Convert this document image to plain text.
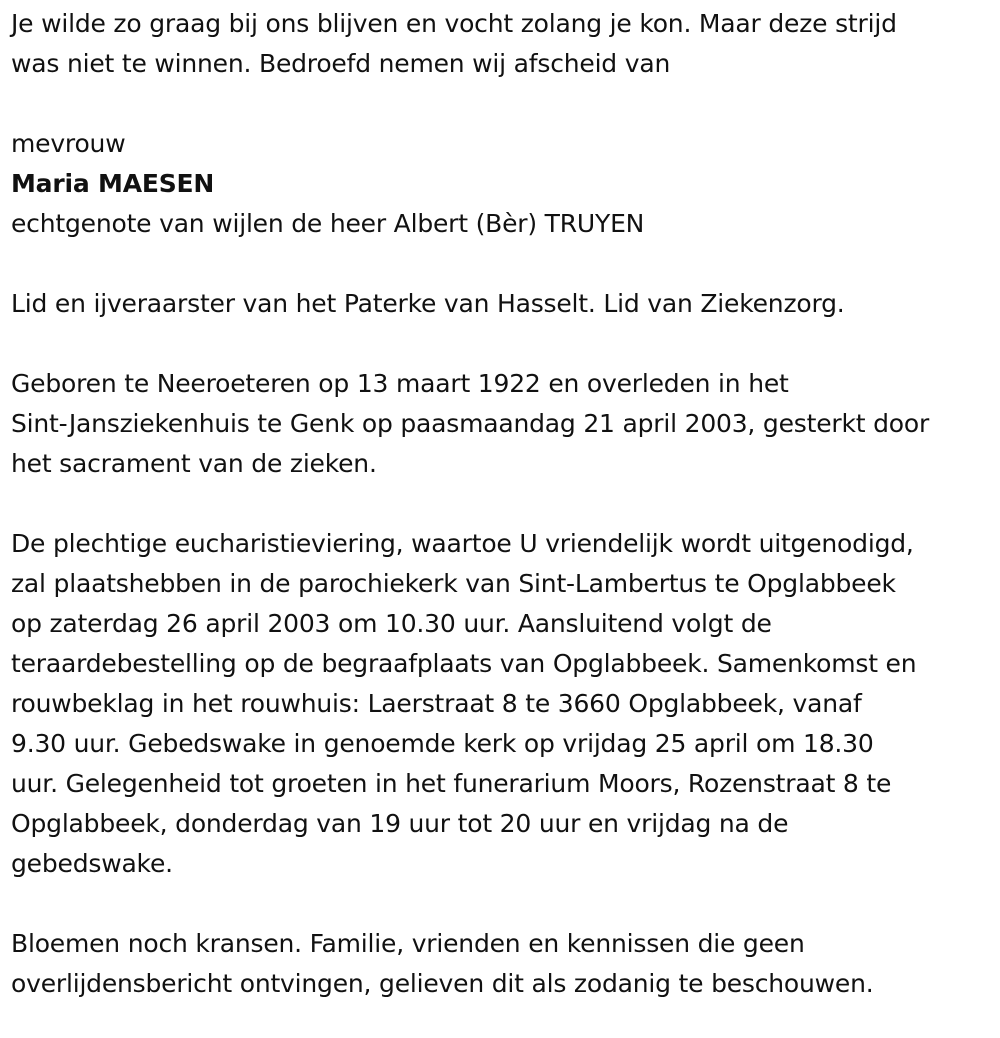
Je wilde zo graag bij ons blijven en vocht zolang je kon. Maar deze strijd
was niet te winnen. Bedroefd nemen wij afscheid van

mevrouw

Maria MAESEN

echtgenote van wijlen de heer Albert (Bèr) TRUYEN

Lid en ijveraarster van het Paterke van Hasselt. Lid van Ziekenzorg.

Geboren te Neeroeteren op 13 maart 1922 en overleden in het
Sint-Jansziekenhuis te Genk op paasmaandag 21 april 2003, gesterkt door
het sacrament van de zieken.

De plechtige eucharistieviering, waartoe U vriendelijk wordt uitgenodigd,
zal plaatshebben in de parochiekerk van Sint-Lambertus te Opglabbeek
op zaterdag 26 april 2003 om 10.30 uur. Aansluitend volgt de
teraardebestelling op de begraafplaats van Opglabbeek. Samenkomst en
rouwbeklag in het rouwhuis: Laerstraat 8 te 3660 Opglabbeek, vanaf
9.30 uur. Gebedswake in genoemde kerk op vrijdag 25 april om 18.30
uur. Gelegenheid tot groeten in het funerarium Moors, Rozenstraat 8 te
Opglabbeek, donderdag van 19 uur tot 20 uur en vrijdag na de
gebedswake.

Bloemen noch kransen. Familie, vrienden en kennissen die geen
overlijdensbericht ontvingen, gelieven dit als zodanig te beschouwen.
